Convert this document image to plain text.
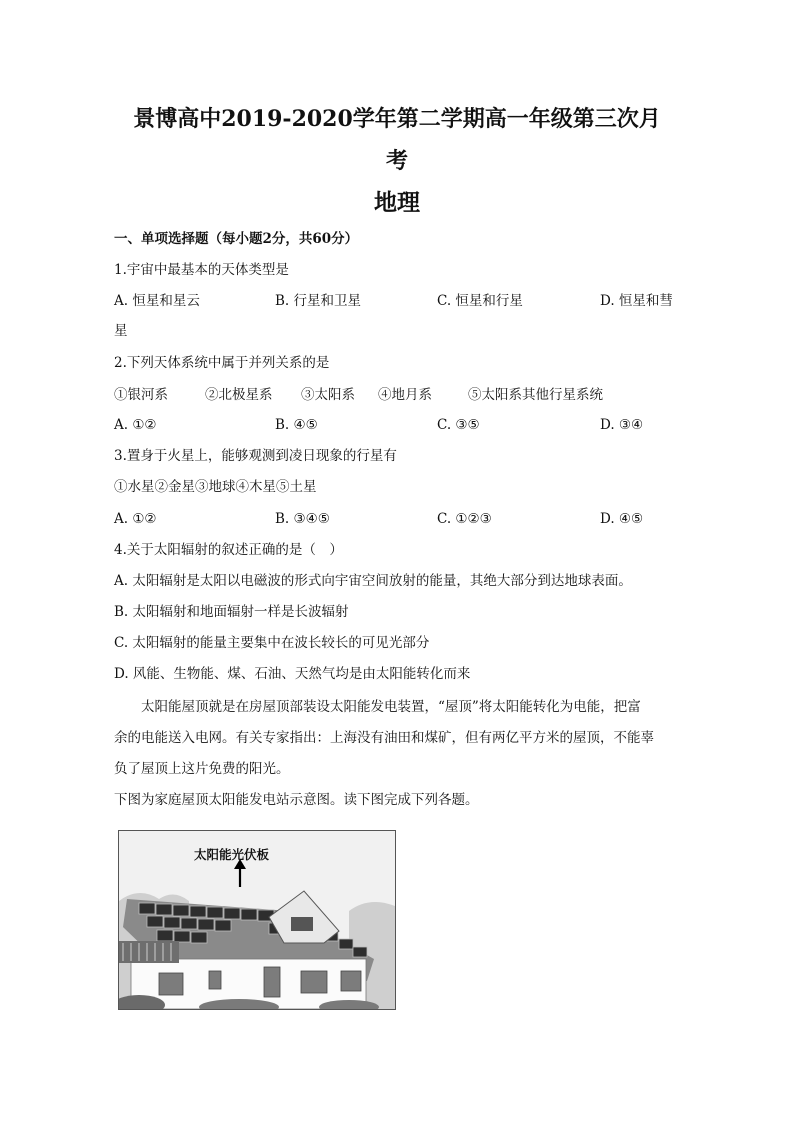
景博高中2019-2020学年第二学期高一年级第三次月
考
地理
一、单项选择题（每小题2分，共60分）
1.宇宙中最基本的天体类型是
A. 恒星和星云	B. 行星和卫星	C. 恒星和行星	D. 恒星和彗
星
2.下列天体系统中属于并列关系的是
①银河系	②北极星系 ③太阳系 ④地月系	⑤太阳系其他行星系统
A. ①②	B. ④⑤	C. ③⑤	D. ③④
3.置身于火星上，能够观测到凌日现象的行星有
①水星②金星③地球④木星⑤土星
A. ①②	B. ③④⑤	C. ①②③	D. ④⑤
4.关于太阳辐射的叙述正确的是（　）
A. 太阳辐射是太阳以电磁波的形式向宇宙空间放射的能量，其绝大部分到达地球表面。
B. 太阳辐射和地面辐射一样是长波辐射
C. 太阳辐射的能量主要集中在波长较长的可见光部分
D. 风能、生物能、煤、石油、天然气均是由太阳能转化而来
太阳能屋顶就是在房屋顶部装设太阳能发电装置，“屋顶”将太阳能转化为电能，把富
余的电能送入电网。有关专家指出：上海没有油田和煤矿，但有两亿平方米的屋顶，不能辜
负了屋顶上这片免费的阳光。
下图为家庭屋顶太阳能发电站示意图。读下图完成下列各题。
太阳能光伏板
